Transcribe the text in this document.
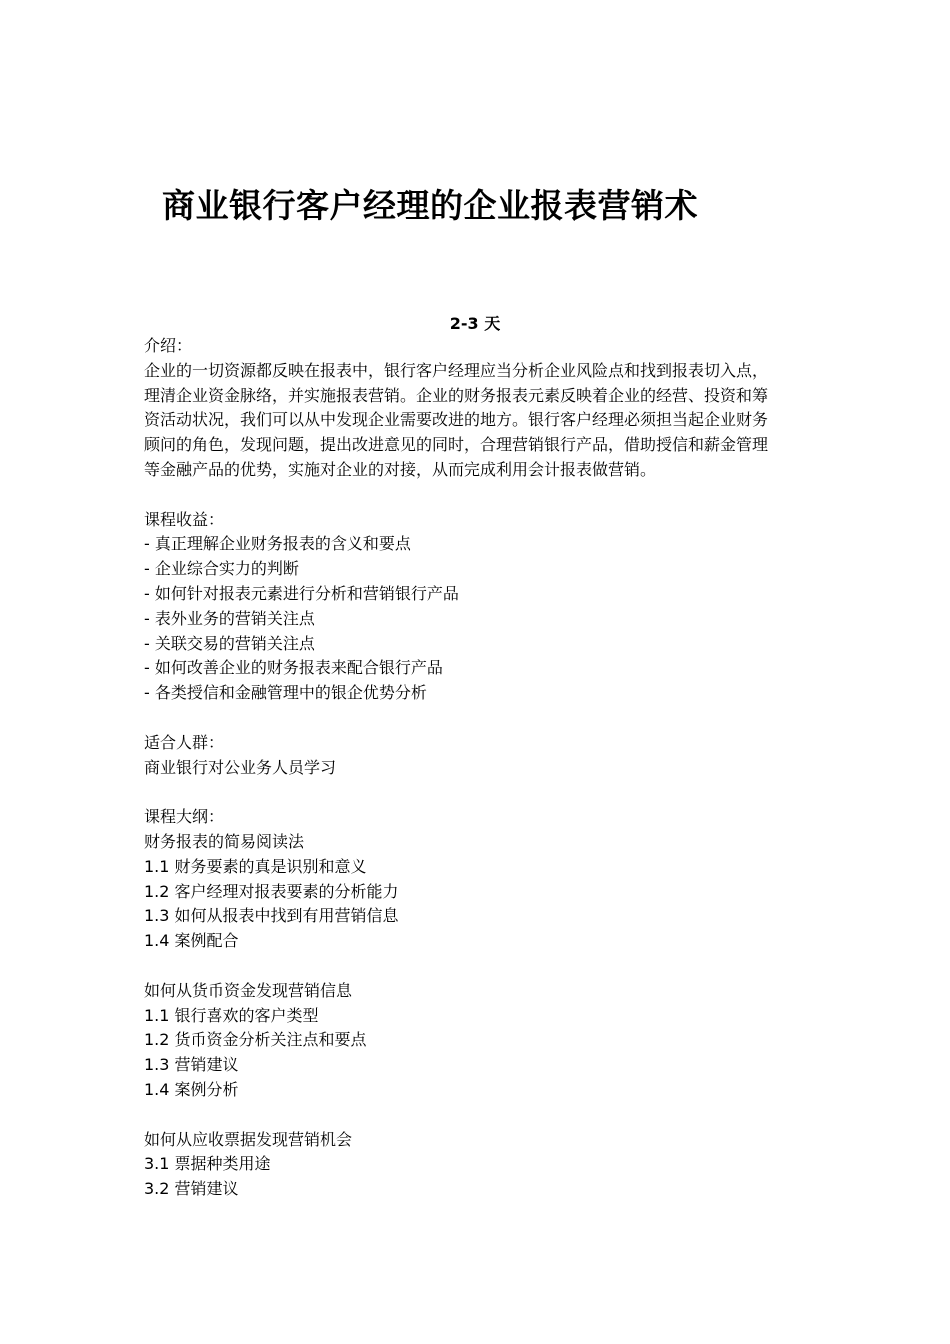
商业银行客户经理的企业报表营销术
2-3 天
介绍：
企业的一切资源都反映在报表中，银行客户经理应当分析企业风险点和找到报表切入点，
理清企业资金脉络，并实施报表营销。企业的财务报表元素反映着企业的经营、投资和筹
资活动状况，我们可以从中发现企业需要改进的地方。银行客户经理必须担当起企业财务
顾问的角色，发现问题，提出改进意见的同时，合理营销银行产品，借助授信和薪金管理
等金融产品的优势，实施对企业的对接，从而完成利用会计报表做营销。
课程收益：
- 真正理解企业财务报表的含义和要点
- 企业综合实力的判断
- 如何针对报表元素进行分析和营销银行产品
- 表外业务的营销关注点
- 关联交易的营销关注点
- 如何改善企业的财务报表来配合银行产品
- 各类授信和金融管理中的银企优势分析
适合人群：
商业银行对公业务人员学习
课程大纲：
财务报表的简易阅读法
1.1 财务要素的真是识别和意义
1.2 客户经理对报表要素的分析能力
1.3 如何从报表中找到有用营销信息
1.4 案例配合
如何从货币资金发现营销信息
1.1 银行喜欢的客户类型
1.2 货币资金分析关注点和要点
1.3 营销建议
1.4 案例分析
如何从应收票据发现营销机会
3.1 票据种类用途
3.2 营销建议
